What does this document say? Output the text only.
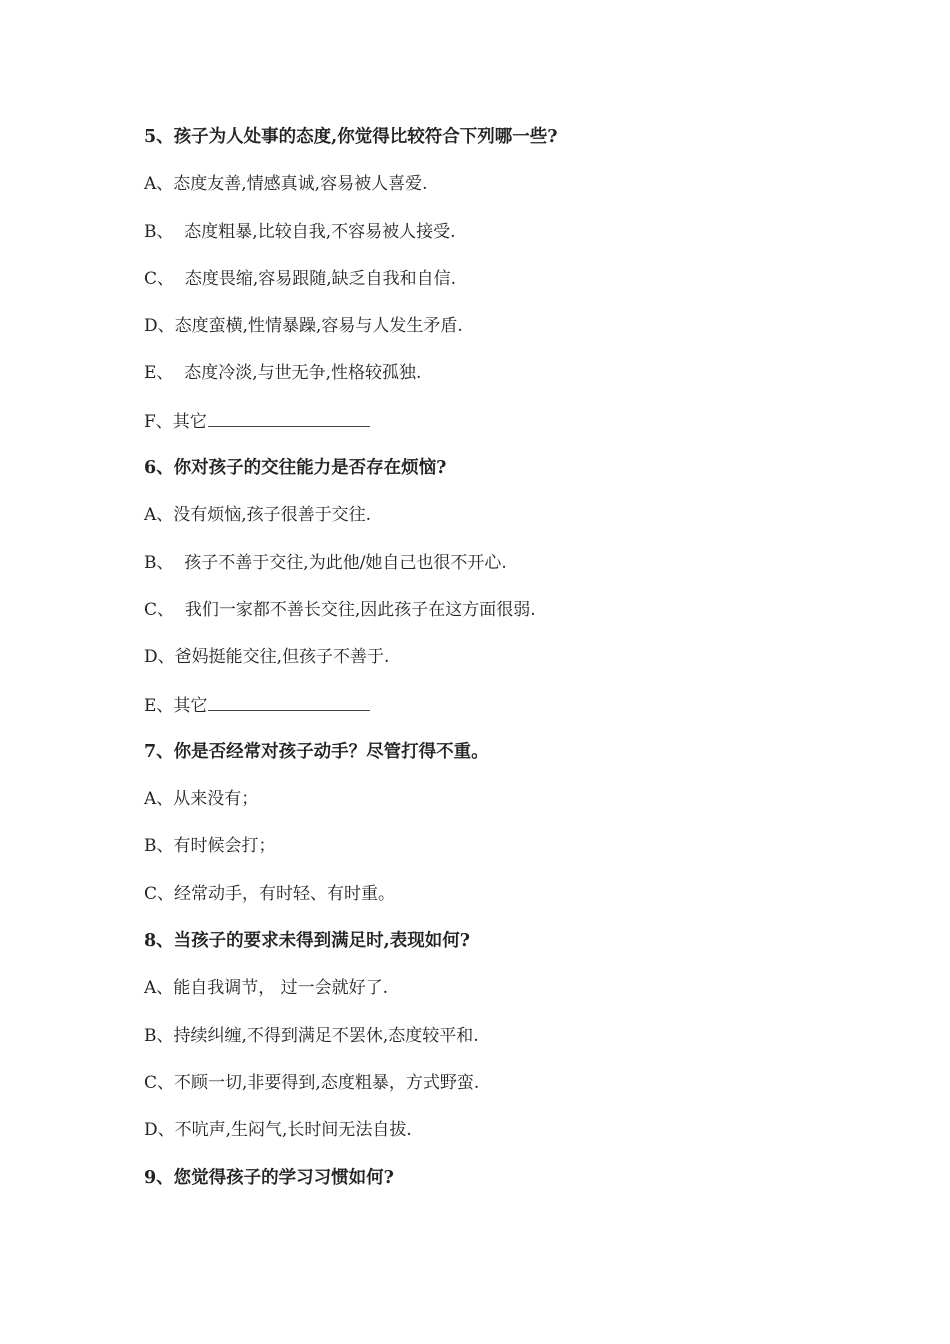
5、孩子为人处事的态度,你觉得比较符合下列哪一些?
A、态度友善,情感真诚,容易被人喜爱.
B、  态度粗暴,比较自我,不容易被人接受.
C、  态度畏缩,容易跟随,缺乏自我和自信.
D、态度蛮横,性情暴躁,容易与人发生矛盾.
E、  态度冷淡,与世无争,性格较孤独.
F、其它
6、你对孩子的交往能力是否存在烦恼?
A、没有烦恼,孩子很善于交往.
B、  孩子不善于交往,为此他/她自己也很不开心.
C、  我们一家都不善长交往,因此孩子在这方面很弱.
D、爸妈挺能交往,但孩子不善于.
E、其它
7、你是否经常对孩子动手？尽管打得不重。
A、从来没有；
B、有时候会打；
C、经常动手，有时轻、有时重。
8、当孩子的要求未得到满足时,表现如何?
A、能自我调节， 过一会就好了.
B、持续纠缠,不得到满足不罢休,态度较平和.
C、不顾一切,非要得到,态度粗暴，方式野蛮.
D、不吭声,生闷气,长时间无法自拔.
9、您觉得孩子的学习习惯如何?
